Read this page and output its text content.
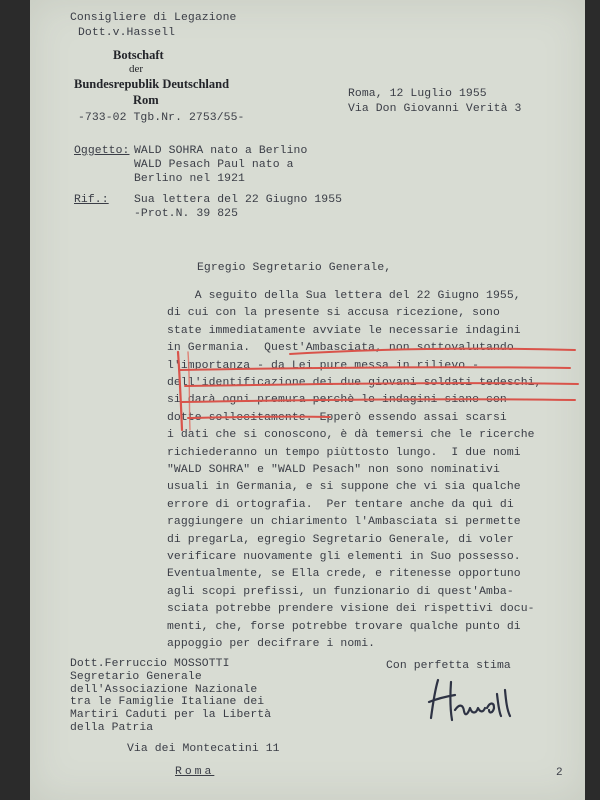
Consigliere di Legazione
Dott.v.Hassell
Botschaft
der
Bundesrepublik Deutschland
Rom
-733-02 Tgb.Nr. 2753/55-
Roma, 12 Luglio 1955
Via Don Giovanni Verità 3
Oggetto: WALD SOHRA nato a Berlino
WALD Pesach Paul nato a
Berlino nel 1921
Rif.: Sua lettera del 22 Giugno 1955
-Prot.N. 39 825
Egregio Segretario Generale,
A seguito della Sua lettera del 22 Giugno 1955,
di cui con la presente si accusa ricezione, sono
state immediatamente avviate le necessarie indagini
in Germania.  Quest'Ambasciata, non sottovalutando
l'importanza - da Lei pure messa in rilievo -
dell'identificazione dei due giovani soldati tedeschi,
si darà ogni premura perchè le indagini siano con-
dotte sollecitamente. Epperò essendo assai scarsi
i dati che si conoscono, è dà temersi che le ricerche
richiederanno un tempo piùttosto lungo.  I due nomi
"WALD SOHRA" e "WALD Pesach" non sono nominativi
usuali in Germania, e si suppone che vi sia qualche
errore di ortografia.  Per tentare anche da quì di
raggiungere un chiarimento l'Ambasciata si permette
di pregarLa, egregio Segretario Generale, di voler
verificare nuovamente gli elementi in Suo possesso.
Eventualmente, se Ella crede, e ritenesse opportuno
agli scopi prefissi, un funzionario di quest'Amba-
sciata potrebbe prendere visione dei rispettivi docu-
menti, che, forse potrebbe trovare qualche punto di
appoggio per decifrare i nomi.
Con perfetta stima
Dott.Ferruccio MOSSOTTI
Segretario Generale
dell'Associazione Nazionale
tra le Famiglie Italiane dei
Martiri Caduti per la Libertà
della Patria
Via dei Montecatini 11
Roma	2
